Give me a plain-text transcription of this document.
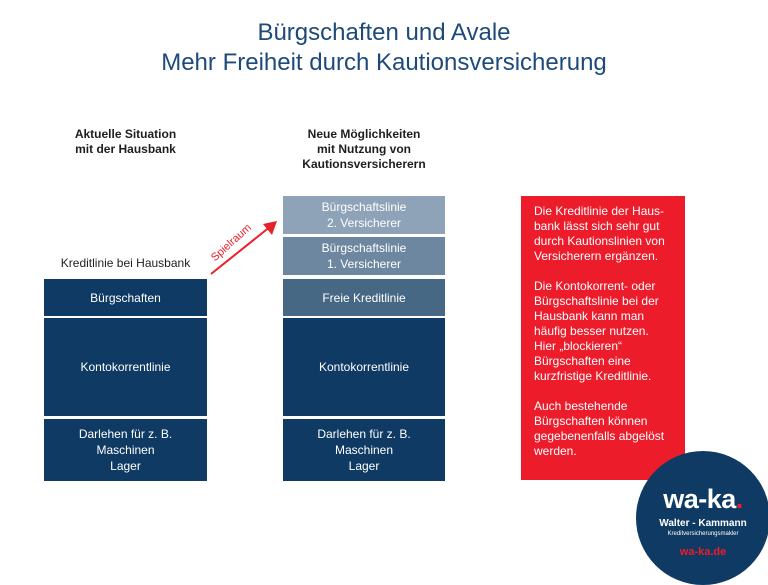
Bürgschaften und Avale
Mehr Freiheit durch Kautionsversicherung
Aktuelle Situation
mit der Hausbank
Neue Möglichkeiten
mit Nutzung von
Kautionsversicherern
Kreditlinie bei Hausbank
Bürgschaften
Kontokorrentlinie
Darlehen für z. B.
Maschinen
Lager
Spielraum
Bürgschaftslinie
2. Versicherer
Bürgschaftslinie
1. Versicherer
Freie Kreditlinie
Kontokorrentlinie
Darlehen für z. B.
Maschinen
Lager

Die Kreditlinie der Haus-
bank lässt sich sehr gut
durch Kautionslinien von
Versicherern ergänzen.

Die Kontokorrent- oder
Bürgschaftslinie bei der
Hausbank kann man
häufig besser nutzen.
Hier „blockieren“
Bürgschaften eine
kurzfristige Kreditlinie.

Auch bestehende
Bürgschaften können
gegebenenfalls abgelöst
werden.

wa-ka.
Walter - Kammann
Kreditversicherungsmakler
wa-ka.de
